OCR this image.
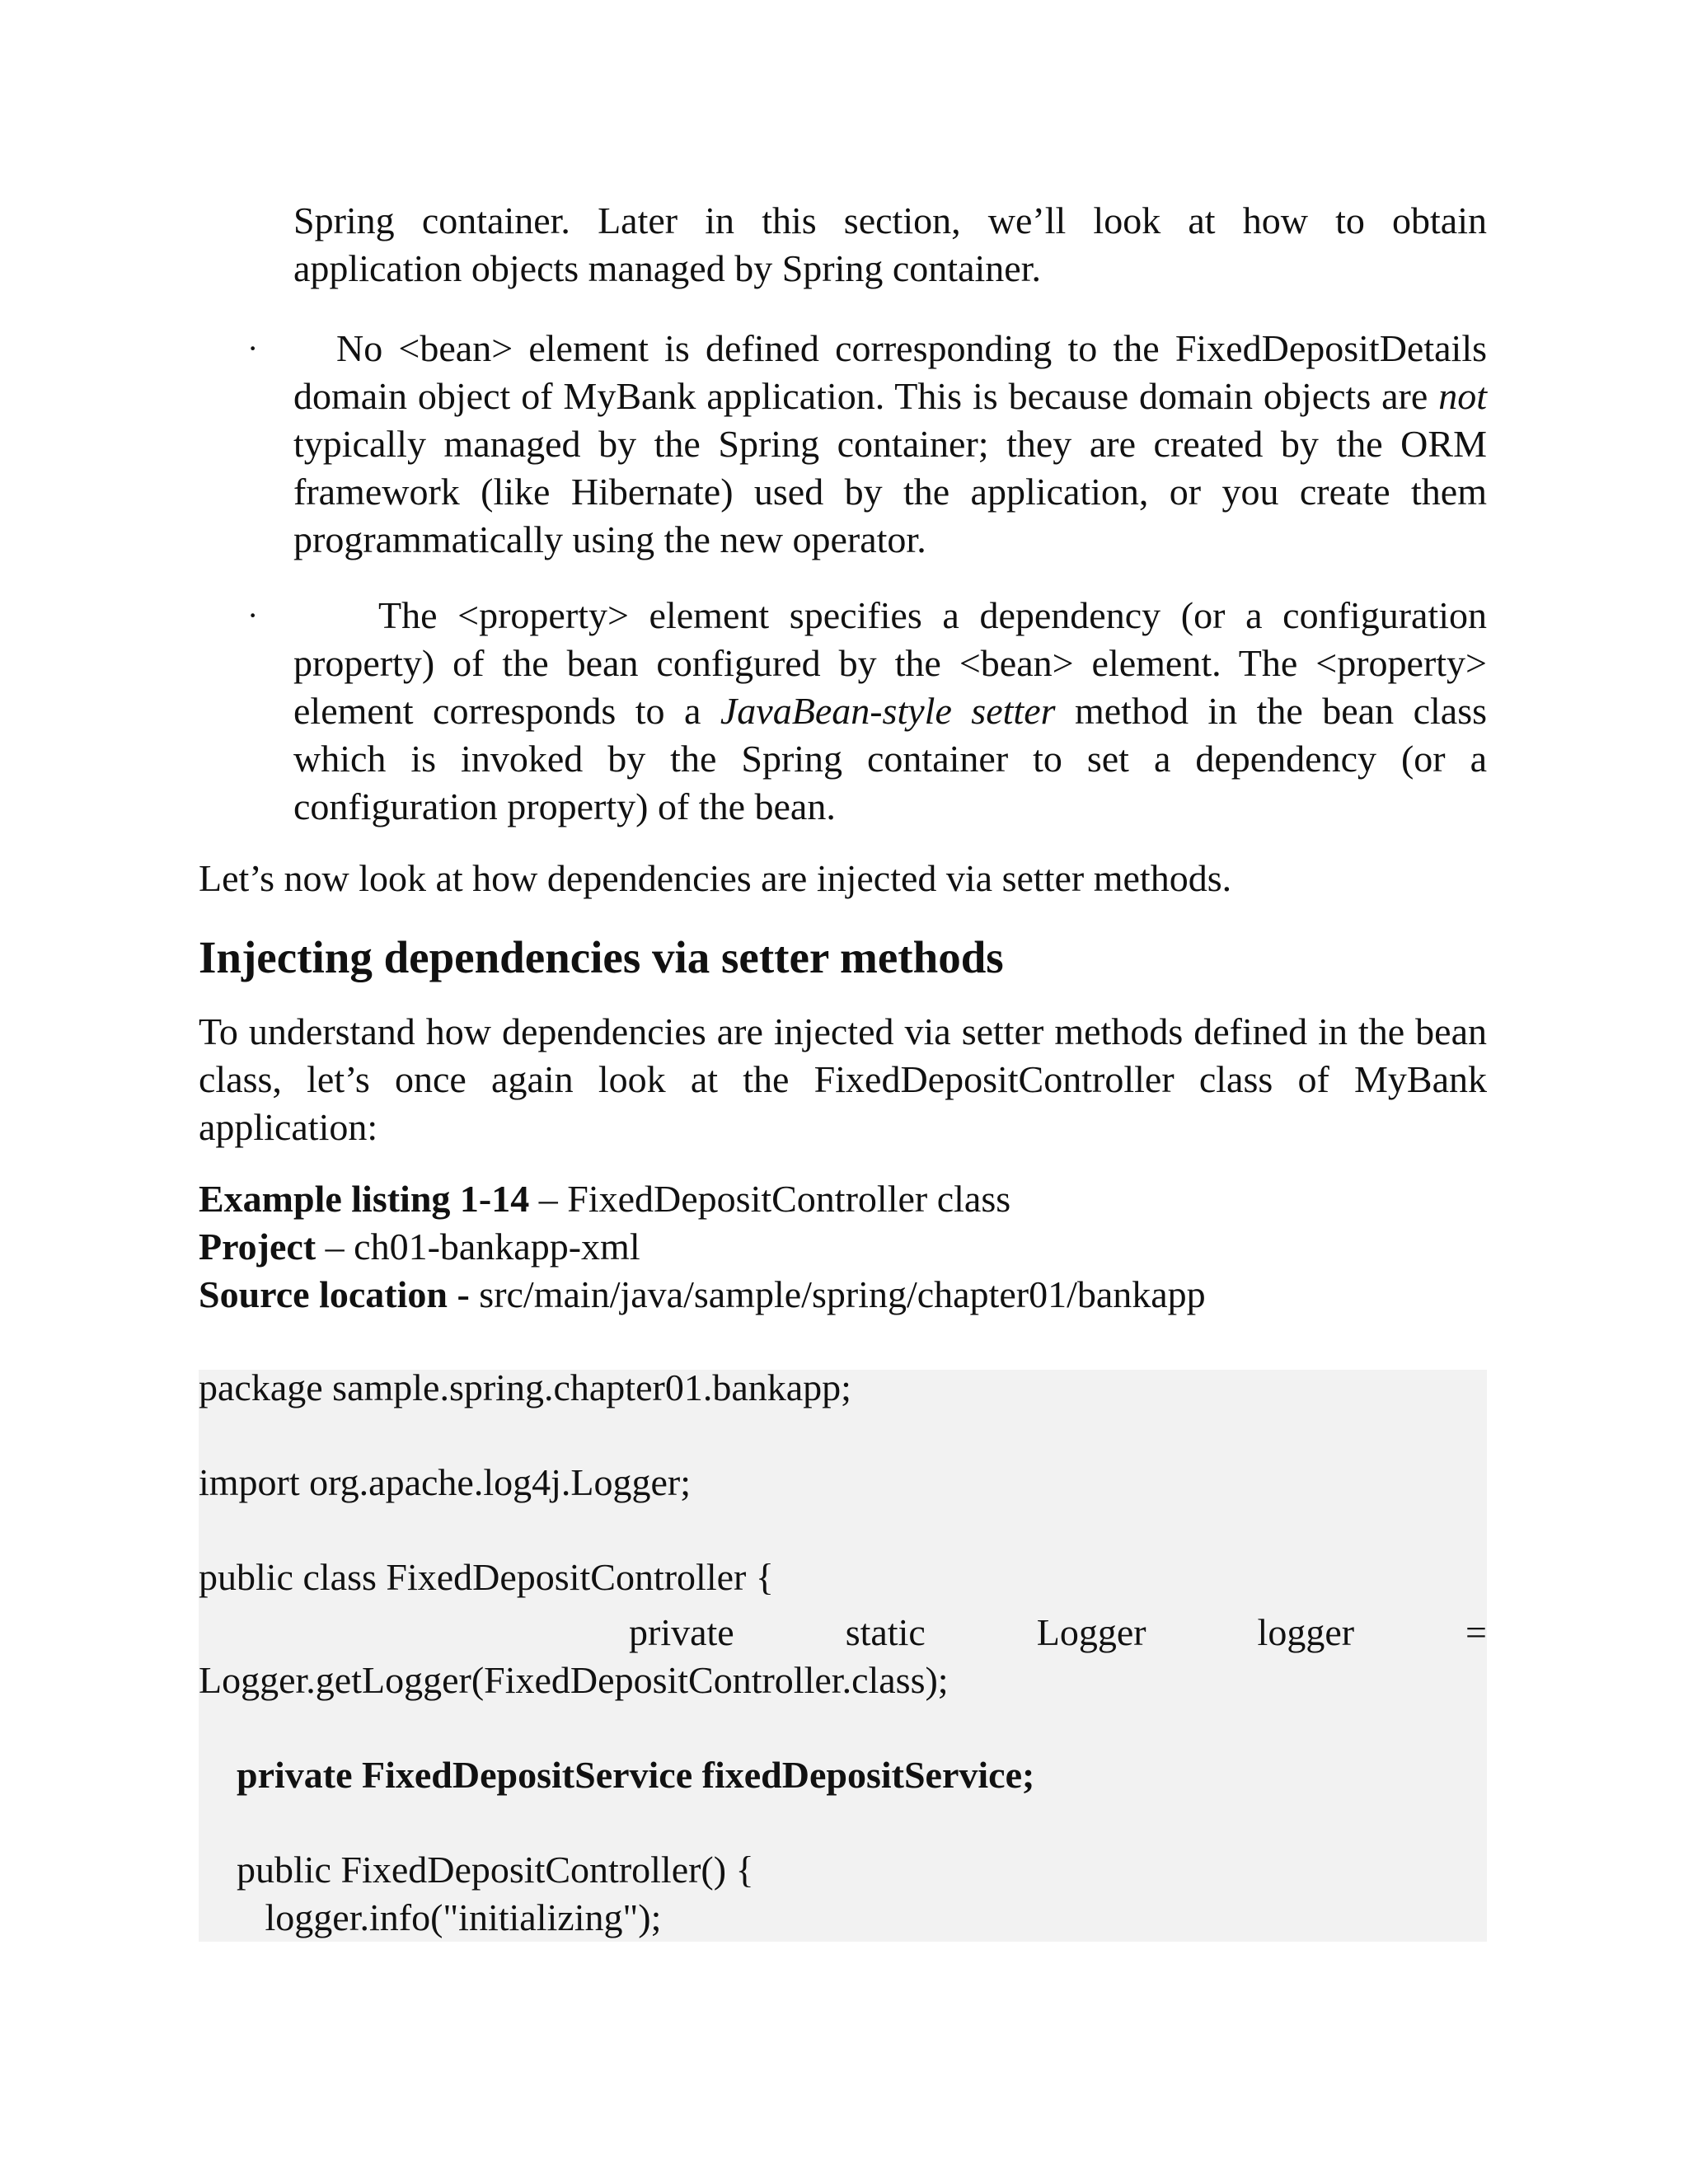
Spring container. Later in this section, we’ll look at how to obtain
application objects managed by Spring container.

·	No <bean> element is defined corresponding to the FixedDepositDetails domain object of MyBank application. This is because domain objects are not typically managed by the Spring container; they are created by the ORM framework (like Hibernate) used by the application, or you create them programmatically using the new operator.

·	The <property> element specifies a dependency (or a configuration property) of the bean configured by the <bean> element. The <property> element corresponds to a JavaBean-style setter method in the bean class which is invoked by the Spring container to set a dependency (or a configuration property) of the bean.

Let’s now look at how dependencies are injected via setter methods.

Injecting dependencies via setter methods

To understand how dependencies are injected via setter methods defined in the bean class, let’s once again look at the FixedDepositController class of MyBank application:

Example listing 1-14 – FixedDepositController class
Project – ch01-bankapp-xml
Source location - src/main/java/sample/spring/chapter01/bankapp
package sample.spring.chapter01.bankapp;
import org.apache.log4j.Logger;
public class FixedDepositController {
private	static	Logger	logger	=
Logger.getLogger(FixedDepositController.class);
private FixedDepositService fixedDepositService;
public FixedDepositController() {
logger.info("initializing");
